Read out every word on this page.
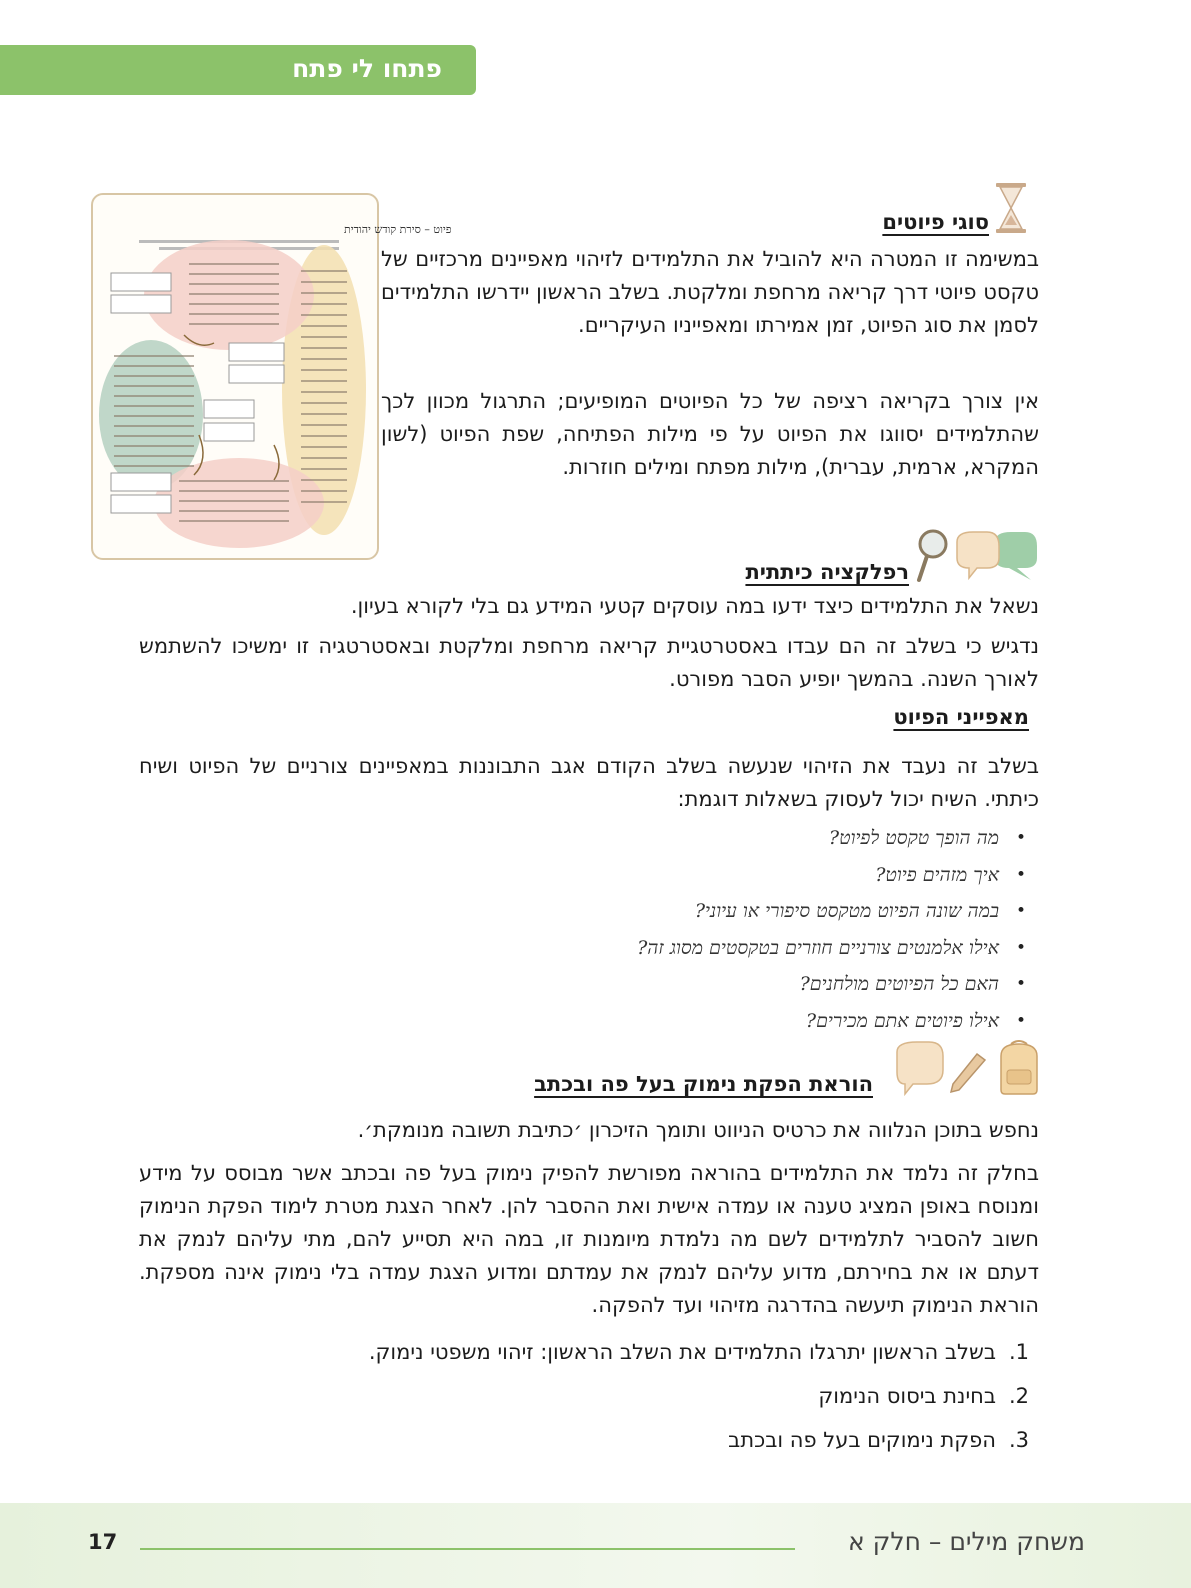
פתחו לי פתח
פיוט – סירת קודש יהודית	סוגי פיוטים

במשימה זו המטרה היא להוביל את התלמידים לזיהוי מאפיינים מרכזיים של טקסט פיוטי דרך קריאה מרחפת ומלקטת. בשלב הראשון יידרשו התלמידים לסמן את סוג הפיוט, זמן אמירתו ומאפייניו העיקריים.

אין צורך בקריאה רציפה של כל הפיוטים המופיעים; התרגול מכוון לכך שהתלמידים יסווגו את הפיוט על פי מילות הפתיחה, שפת הפיוט (לשון המקרא, ארמית, עברית), מילות מפתח ומילים חוזרות.

רפלקציה כיתתית

נשאל את התלמידים כיצד ידעו במה עוסקים קטעי המידע גם בלי לקורא בעיון.

נדגיש כי בשלב זה הם עבדו באסטרטגיית קריאה מרחפת ומלקטת ובאסטרטגיה זו ימשיכו להשתמש לאורך השנה. בהמשך יופיע הסבר מפורט.

מאפייני הפיוט

בשלב זה נעבד את הזיהוי שנעשה בשלב הקודם אגב התבוננות במאפיינים צורניים של הפיוט ושיח כיתתי. השיח יכול לעסוק בשאלות דוגמת:

• מה הופך טקסט לפיוט?
• איך מזהים פיוט?
• במה שונה הפיוט מטקסט סיפורי או עיוני?
• אילו אלמנטים צורניים חוזרים בטקסטים מסוג זה?
• האם כל הפיוטים מולחנים?
• אילו פיוטים אתם מכירים?
הוראת הפקת נימוק בעל פה ובכתב

נחפש בתוכן הנלווה את כרטיס הניווט ותומך הזיכרון ׳כתיבת תשובה מנומקת׳.

בחלק זה נלמד את התלמידים בהוראה מפורשת להפיק נימוק בעל פה ובכתב אשר מבוסס על מידע ומנוסח באופן המציג טענה או עמדה אישית ואת ההסבר להן. לאחר הצגת מטרת לימוד הפקת הנימוק חשוב להסביר לתלמידים לשם מה נלמדת מיומנות זו, במה היא תסייע להם, מתי עליהם לנמק את דעתם או את בחירתם, מדוע עליהם לנמק את עמדתם ומדוע הצגת עמדה בלי נימוק אינה מספקת. הוראת הנימוק תיעשה בהדרגה מזיהוי ועד להפקה.

1.
בשלב הראשון יתרגלו התלמידים את השלב הראשון: זיהוי משפטי נימוק.
2.
בחינת ביסוס הנימוק
3.
הפקת נימוקים בעל פה ובכתב
משחק מילים – חלק א
17
